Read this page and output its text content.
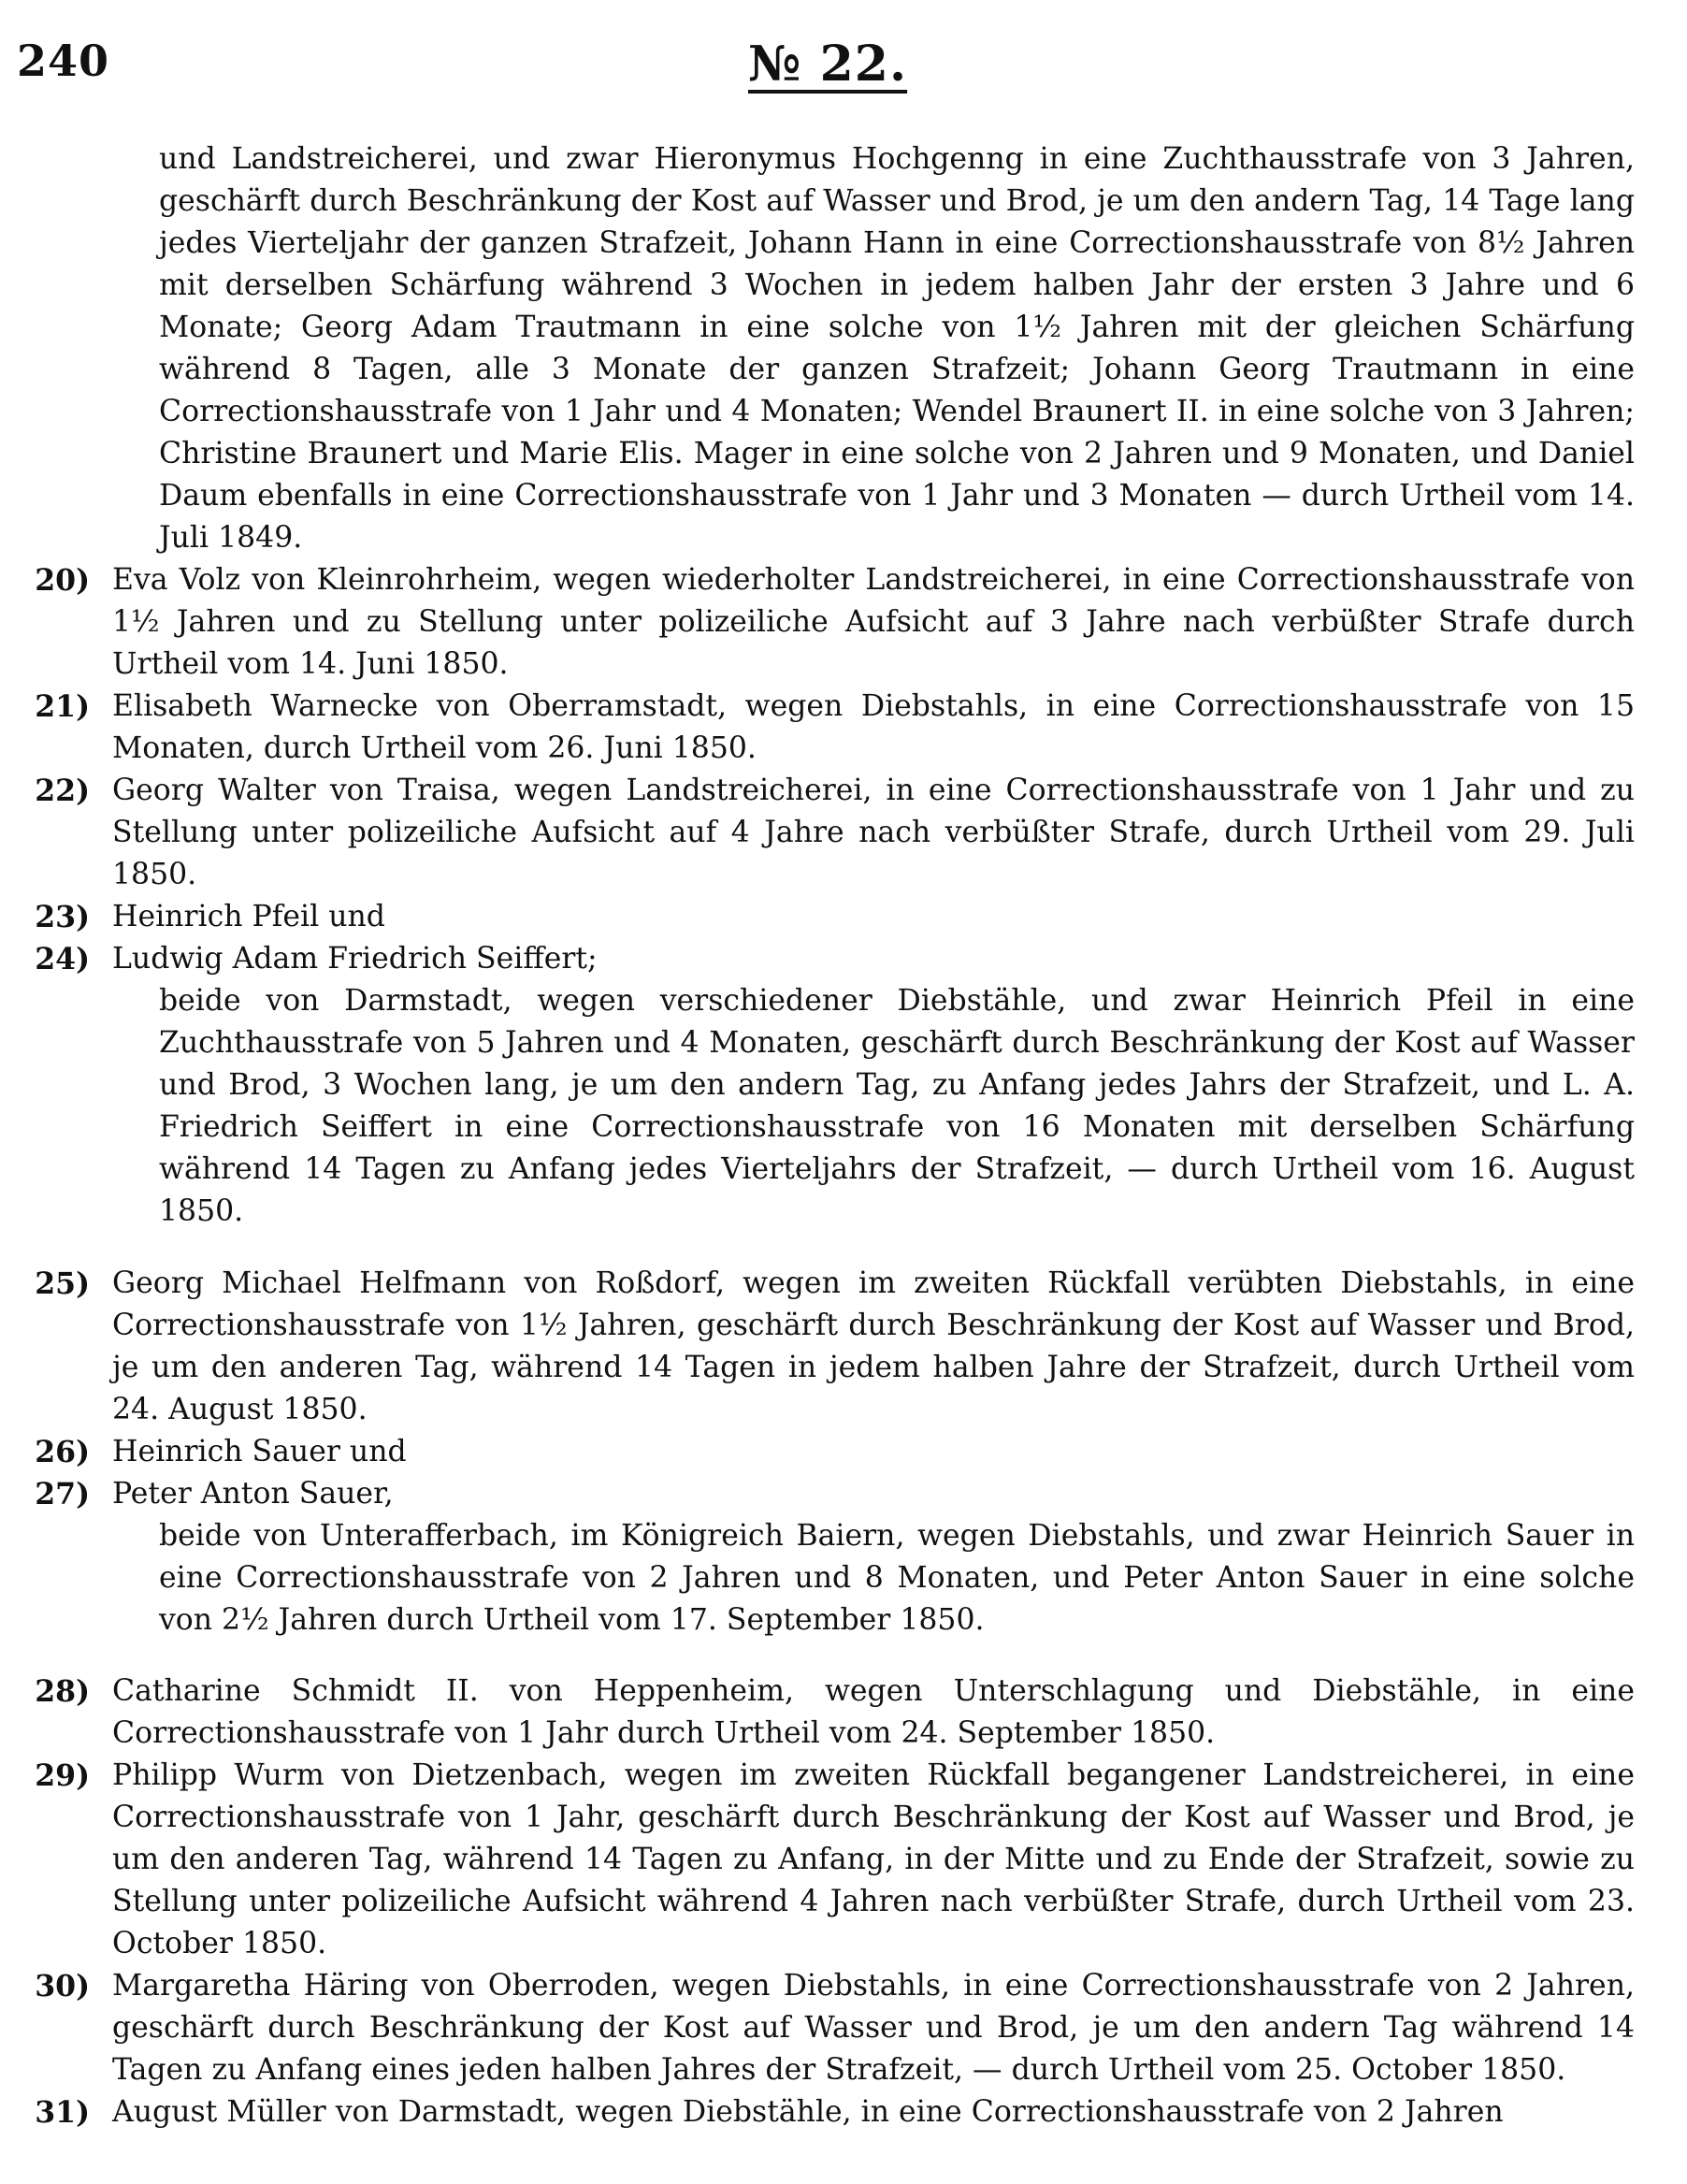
240	№ 22.

und Landstreicherei, und zwar Hieronymus Hochgenng in eine Zuchthausstrafe von 3 Jahren, geschärft durch Beschränkung der Kost auf Wasser und Brod, je um den andern Tag, 14 Tage lang jedes Vierteljahr der ganzen Strafzeit, Johann Hann in eine Correctionshausstrafe von 8½ Jahren mit derselben Schärfung während 3 Wochen in jedem halben Jahr der ersten 3 Jahre und 6 Monate; Georg Adam Trautmann in eine solche von 1½ Jahren mit der gleichen Schärfung während 8 Tagen, alle 3 Monate der ganzen Strafzeit; Johann Georg Trautmann in eine Correctionshausstrafe von 1 Jahr und 4 Monaten; Wendel Braunert II. in eine solche von 3 Jahren; Christine Braunert und Marie Elis. Mager in eine solche von 2 Jahren und 9 Monaten, und Daniel Daum ebenfalls in eine Correctionshausstrafe von 1 Jahr und 3 Monaten — durch Urtheil vom 14. Juli 1849.

20) Eva Volz von Kleinrohrheim, wegen wiederholter Landstreicherei, in eine Correctionshausstrafe von 1½ Jahren und zu Stellung unter polizeiliche Aufsicht auf 3 Jahre nach verbüßter Strafe durch Urtheil vom 14. Juni 1850.
21) Elisabeth Warnecke von Oberramstadt, wegen Diebstahls, in eine Correctionshausstrafe von 15 Monaten, durch Urtheil vom 26. Juni 1850.
22) Georg Walter von Traisa, wegen Landstreicherei, in eine Correctionshausstrafe von 1 Jahr und zu Stellung unter polizeiliche Aufsicht auf 4 Jahre nach verbüßter Strafe, durch Urtheil vom 29. Juli 1850.
23) Heinrich Pfeil und
24) Ludwig Adam Friedrich Seiffert;

beide von Darmstadt, wegen verschiedener Diebstähle, und zwar Heinrich Pfeil in eine Zuchthausstrafe von 5 Jahren und 4 Monaten, geschärft durch Beschränkung der Kost auf Wasser und Brod, 3 Wochen lang, je um den andern Tag, zu Anfang jedes Jahrs der Strafzeit, und L. A. Friedrich Seiffert in eine Correctionshausstrafe von 16 Monaten mit derselben Schärfung während 14 Tagen zu Anfang jedes Vierteljahrs der Strafzeit, — durch Urtheil vom 16. August 1850.

25) Georg Michael Helfmann von Roßdorf, wegen im zweiten Rückfall verübten Diebstahls, in eine Correctionshausstrafe von 1½ Jahren, geschärft durch Beschränkung der Kost auf Wasser und Brod, je um den anderen Tag, während 14 Tagen in jedem halben Jahre der Strafzeit, durch Urtheil vom 24. August 1850.
26) Heinrich Sauer und
27) Peter Anton Sauer,

beide von Unterafferbach, im Königreich Baiern, wegen Diebstahls, und zwar Heinrich Sauer in eine Correctionshausstrafe von 2 Jahren und 8 Monaten, und Peter Anton Sauer in eine solche von 2½ Jahren durch Urtheil vom 17. September 1850.

28) Catharine Schmidt II. von Heppenheim, wegen Unterschlagung und Diebstähle, in eine Correctionshausstrafe von 1 Jahr durch Urtheil vom 24. September 1850.
29) Philipp Wurm von Dietzenbach, wegen im zweiten Rückfall begangener Landstreicherei, in eine Correctionshausstrafe von 1 Jahr, geschärft durch Beschränkung der Kost auf Wasser und Brod, je um den anderen Tag, während 14 Tagen zu Anfang, in der Mitte und zu Ende der Strafzeit, sowie zu Stellung unter polizeiliche Aufsicht während 4 Jahren nach verbüßter Strafe, durch Urtheil vom 23. October 1850.
30) Margaretha Häring von Oberroden, wegen Diebstahls, in eine Correctionshausstrafe von 2 Jahren, geschärft durch Beschränkung der Kost auf Wasser und Brod, je um den andern Tag während 14 Tagen zu Anfang eines jeden halben Jahres der Strafzeit, — durch Urtheil vom 25. October 1850.
31) August Müller von Darmstadt, wegen Diebstähle, in eine Correctionshausstrafe von 2 Jahren
